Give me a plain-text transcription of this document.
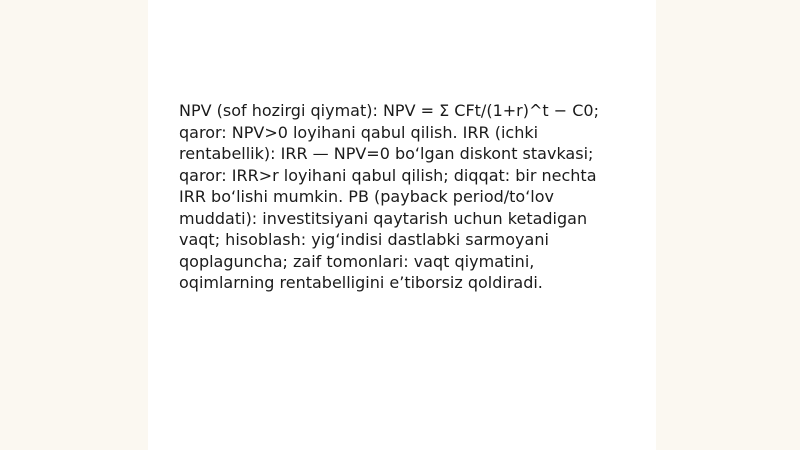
NPV (sof hozirgi qiymat): NPV = Σ CFt/(1+r)^t − C0; qaror: NPV>0 loyihani qabul qilish. IRR (ichki rentabellik): IRR — NPV=0 bo‘lgan diskont stavkasi; qaror: IRR>r loyihani qabul qilish; diqqat: bir nechta IRR bo‘lishi mumkin. PB (payback period/to‘lov muddati): investitsiyani qaytarish uchun ketadigan vaqt; hisoblash: yig‘indisi dastlabki sarmoyani qoplaguncha; zaif tomonlari: vaqt qiymatini, oqimlarning rentabelligini e’tiborsiz qoldiradi.
